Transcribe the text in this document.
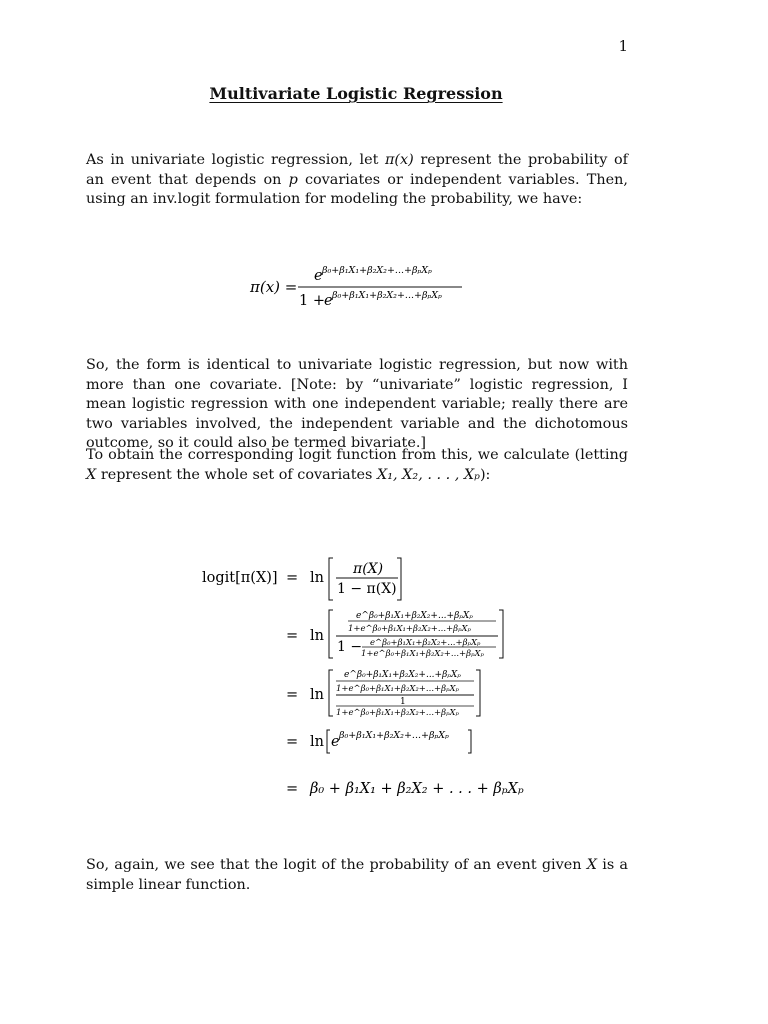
1
Multivariate Logistic Regression
As in univariate logistic regression, let π(x) represent the probability of an event that depends on p covariates or independent variables. Then, using an inv.logit formulation for modeling the probability, we have:
π(x) =
e β₀+β₁X₁+β₂X₂+...+βₚXₚ
1 + e β₀+β₁X₁+β₂X₂+...+βₚXₚ
So, the form is identical to univariate logistic regression, but now with more than one covariate. [Note: by “univariate” logistic regression, I mean logistic regression with one independent variable; really there are two variables involved, the independent variable and the dichotomous outcome, so it could also be termed bivariate.]
To obtain the corresponding logit function from this, we calculate (letting X represent the whole set of covariates X₁, X₂, . . . , Xₚ):
logit[π(X)] = ln
π(X)
1 − π(X)
= ln
e^β₀+β₁X₁+β₂X₂+...+βₚXₚ
1+e^β₀+β₁X₁+β₂X₂+...+βₚXₚ
1 − e^β₀+β₁X₁+β₂X₂+...+βₚXₚ
1+e^β₀+β₁X₁+β₂X₂+...+βₚXₚ
= ln
e^β₀+β₁X₁+β₂X₂+...+βₚXₚ
1+e^β₀+β₁X₁+β₂X₂+...+βₚXₚ
1
1+e^β₀+β₁X₁+β₂X₂+...+βₚXₚ
= ln e β₀+β₁X₁+β₂X₂+...+βₚXₚ
= β₀ + β₁X₁ + β₂X₂ + . . . + βₚXₚ
So, again, we see that the logit of the probability of an event given X is a simple linear function.
